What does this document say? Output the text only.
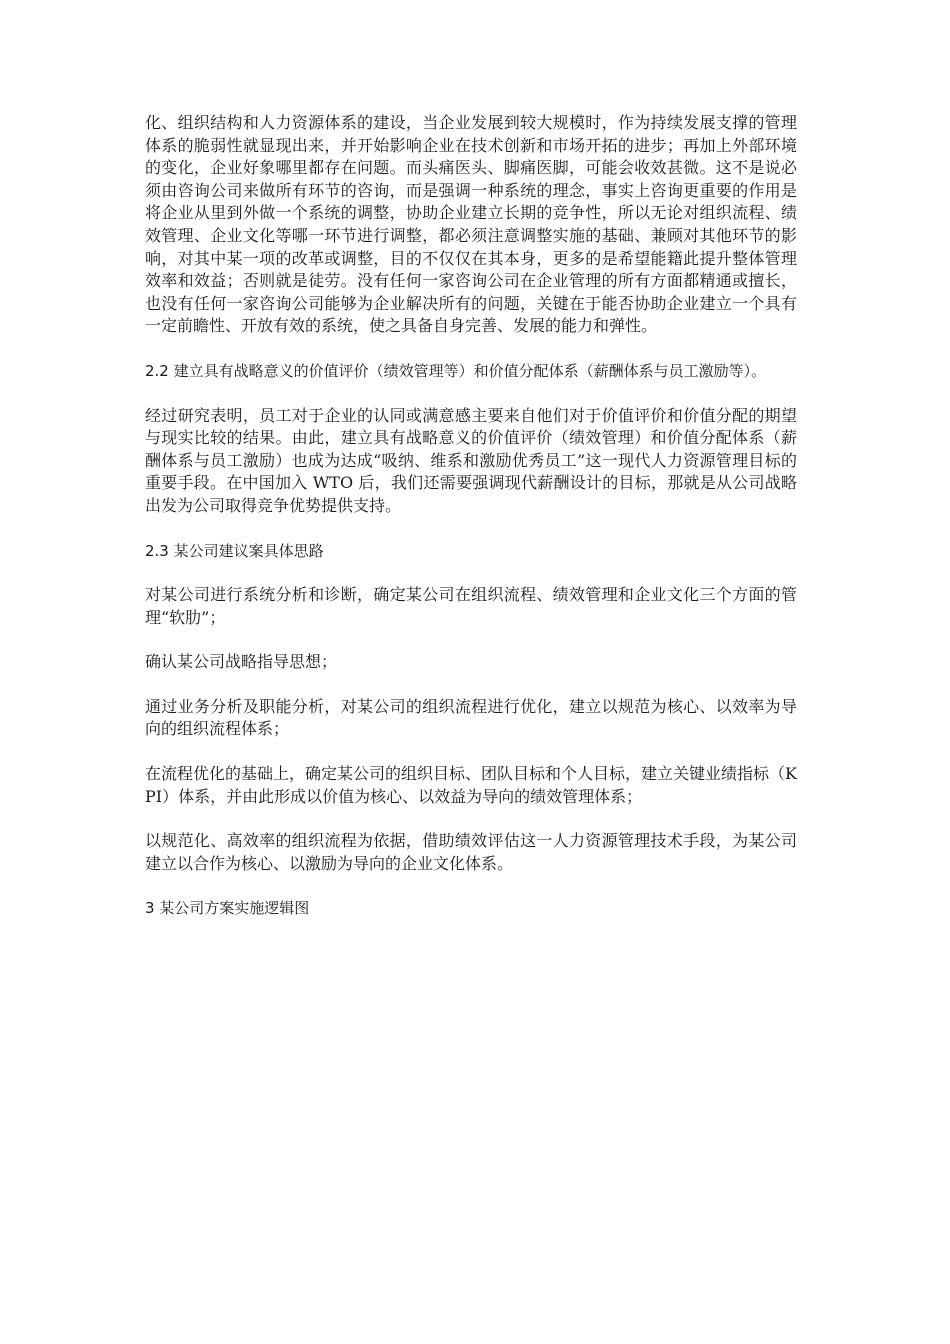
化、组织结构和人力资源体系的建设，当企业发展到较大规模时，作为持续发展支撑的管理体系的脆弱性就显现出来，并开始影响企业在技术创新和市场开拓的进步；再加上外部环境的变化，企业好象哪里都存在问题。而头痛医头、脚痛医脚，可能会收效甚微。这不是说必须由咨询公司来做所有环节的咨询，而是强调一种系统的理念，事实上咨询更重要的作用是将企业从里到外做一个系统的调整，协助企业建立长期的竞争性，所以无论对组织流程、绩效管理、企业文化等哪一环节进行调整，都必须注意调整实施的基础、兼顾对其他环节的影响，对其中某一项的改革或调整，目的不仅仅在其本身，更多的是希望能籍此提升整体管理效率和效益；否则就是徒劳。没有任何一家咨询公司在企业管理的所有方面都精通或擅长，也没有任何一家咨询公司能够为企业解决所有的问题，关键在于能否协助企业建立一个具有一定前瞻性、开放有效的系统，使之具备自身完善、发展的能力和弹性。

2.2 建立具有战略意义的价值评价（绩效管理等）和价值分配体系（薪酬体系与员工激励等）。

经过研究表明，员工对于企业的认同或满意感主要来自他们对于价值评价和价值分配的期望与现实比较的结果。由此，建立具有战略意义的价值评价（绩效管理）和价值分配体系（薪酬体系与员工激励）也成为达成“吸纳、维系和激励优秀员工”这一现代人力资源管理目标的重要手段。在中国加入 WTO 后，我们还需要强调现代薪酬设计的目标，那就是从公司战略出发为公司取得竞争优势提供支持。

2.3 某公司建议案具体思路

对某公司进行系统分析和诊断，确定某公司在组织流程、绩效管理和企业文化三个方面的管理“软肋”；

确认某公司战略指导思想；

通过业务分析及职能分析，对某公司的组织流程进行优化，建立以规范为核心、以效率为导向的组织流程体系；

在流程优化的基础上，确定某公司的组织目标、团队目标和个人目标，建立关键业绩指标（KPI）体系，并由此形成以价值为核心、以效益为导向的绩效管理体系；

以规范化、高效率的组织流程为依据，借助绩效评估这一人力资源管理技术手段，为某公司建立以合作为核心、以激励为导向的企业文化体系。

3 某公司方案实施逻辑图
